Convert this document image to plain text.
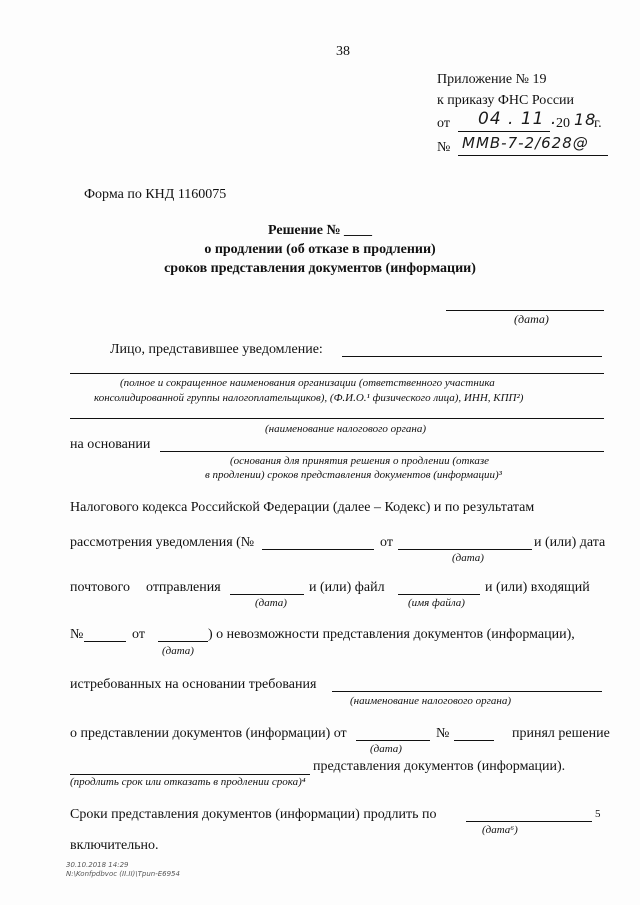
38
Приложение № 19
к приказу ФНС России
от 04 . 11 .
20 18
г.
№ ММВ-7-2/628@
Форма по КНД 1160075
Решение № ____
о продлении (об отказе в продлении)
сроков представления документов (информации)
(дата)
Лицо, представившее уведомление:
(полное и сокращенное наименования организации (ответственного участника
консолидированной группы налогоплательщиков), (Ф.И.О.¹ физического лица), ИНН, КПП²)
(наименование налогового органа)
на основании
(основания для принятия решения о продлении (отказе
в продлении) сроков представления документов (информации)³
Налогового кодекса Российской Федерации (далее – Кодекс) и по результатам
рассмотрения уведомления (№	от	и (или) дата
(дата)
почтового отправления	и (или) файл	и (или) входящий
(дата)	(имя файла)
№	от	) о невозможности представления документов (информации),
(дата)
истребованных на основании требования
(наименование налогового органа)
о представлении документов (информации) от	№	принял решение
(дата)
представления документов (информации).
(продлить срок или отказать в продлении срока)⁴
Сроки представления документов (информации) продлить по	5
(дата⁶)
включительно.
30.10.2018 14:29
N:\Konfpdbvoc (II.II)\Tpun-E6954
